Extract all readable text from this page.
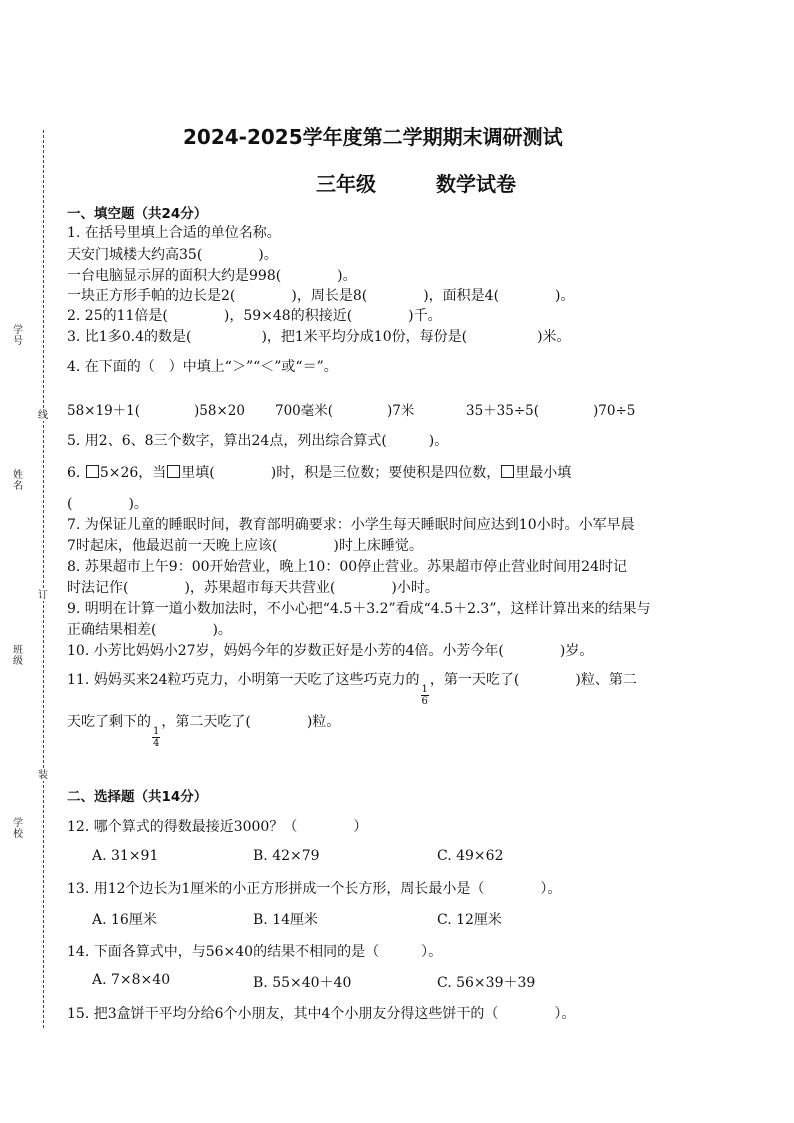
学号
线
姓名
订
班级
装
学校
2024-2025学年度第二学期期末调研测试
三年级	数学试卷
一、填空题（共24分）
1. 在括号里填上合适的单位名称。
天安门城楼大约高35(　　　　)。
一台电脑显示屏的面积大约是998(　　　　)。
一块正方形手帕的边长是2(　　　　)，周长是8(　　　　)，面积是4(　　　　)。
2. 25的11倍是(　　　　)，59×48的积接近(　　　　)千。
3. 比1多0.4的数是(　　　　　)，把1米平均分成10份，每份是(　　　　　)米。
4. 在下面的（　）中填上“＞”“＜”或“＝”。
58×19＋1(　　　　)58×20 700毫米(　　　　)7米	35＋35÷5(　　　　)70÷5
5. 用2、6、8三个数字，算出24点，列出综合算式(　　　)。
6. 5×26，当 里填(　　　　)时，积是三位数；要使积是四位数， 里最小填
(　　　　)。
7. 为保证儿童的睡眠时间，教育部明确要求：小学生每天睡眠时间应达到10小时。小军早晨
7时起床，他最迟前一天晚上应该(　　　　)时上床睡觉。
8. 苏果超市上午9：00开始营业，晚上10：00停止营业。苏果超市停止营业时间用24时记
时法记作(　　　　)，苏果超市每天共营业(　　　　)小时。
9. 明明在计算一道小数加法时，不小心把“4.5＋3.2”看成“4.5＋2.3”，这样计算出来的结果与
正确结果相差(　　　　)。
10. 小芳比妈妈小27岁，妈妈今年的岁数正好是小芳的4倍。小芳今年(　　　　)岁。
11. 妈妈买来24粒巧克力，小明第一天吃了这些巧克力的
$\frac{1}{6}$
，第一天吃了(　　　　)粒、第二
天吃了剩下的
$\frac{1}{4}$
，第二天吃了(　　　　)粒。
二、选择题（共14分）
12. 哪个算式的得数最接近3000？（　　　　）
A. 31×91	B. 42×79	C. 49×62
13. 用12个边长为1厘米的小正方形拼成一个长方形，周长最小是（　　　　）。
A. 16厘米	B. 14厘米	C. 12厘米
14. 下面各算式中，与56×40的结果不相同的是（　　　）。
A. 7×8×40	B. 55×40＋40	C. 56×39＋39
15. 把3盒饼干平均分给6个小朋友，其中4个小朋友分得这些饼干的（　　　　）。
